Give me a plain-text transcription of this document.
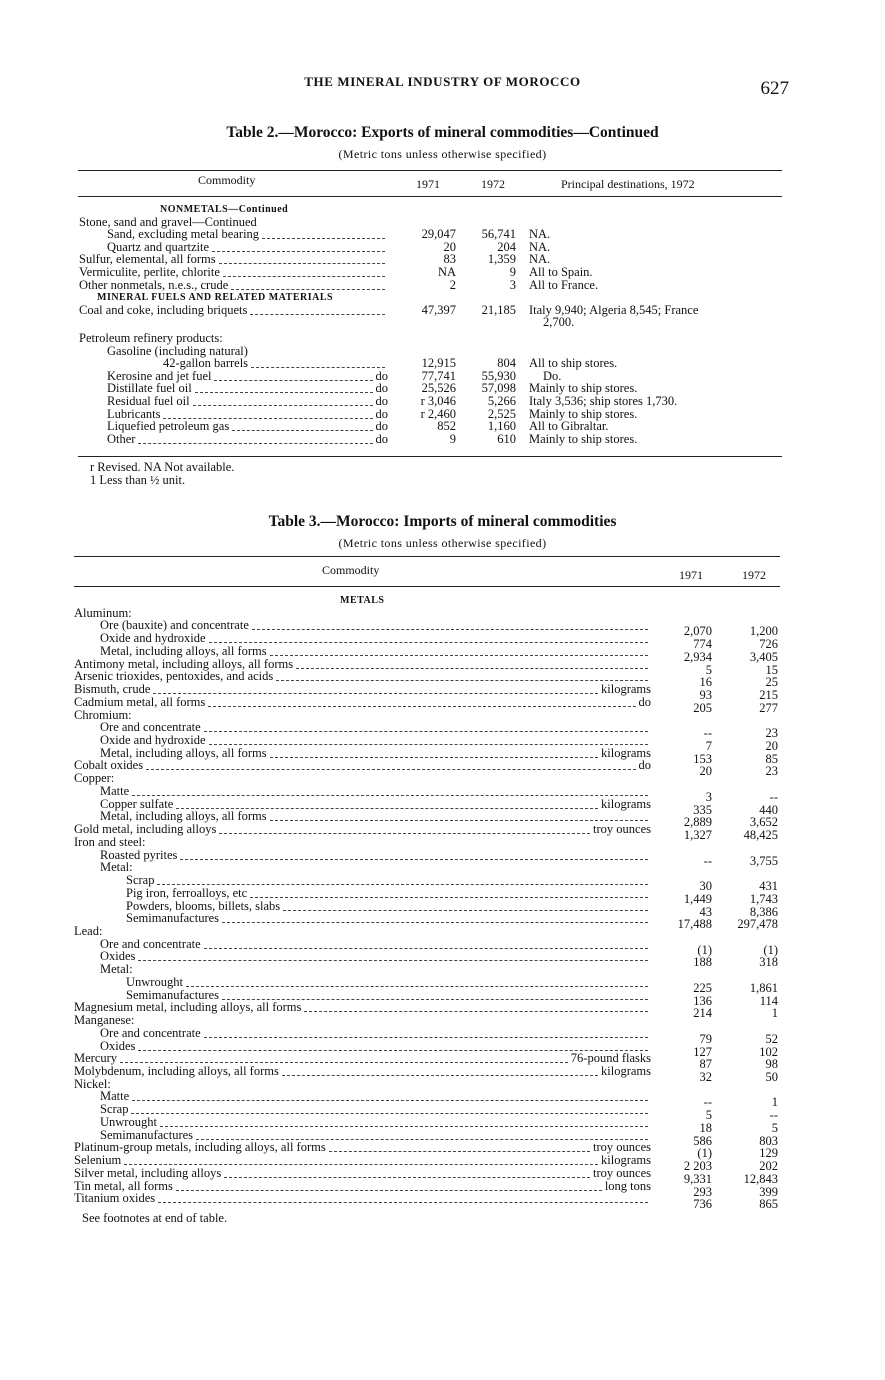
THE MINERAL INDUSTRY OF MOROCCO	627
Table 2.—Morocco: Exports of mineral commodities—Continued
(Metric tons unless otherwise specified)
Commodity	1971	1972	Principal destinations, 1972
NONMETALS—Continued
Stone, sand and gravel—Continued
Sand, excluding metal bearing	29,047 56,741 NA.
Quartz and quartzite	20	204 NA.
Sulfur, elemental, all forms	83	1,359 NA.
Vermiculite, perlite, chlorite	NA	9 All to Spain.
Other nonmetals, n.e.s., crude	2	3 All to France.
MINERAL FUELS AND RELATED MATERIALS
Coal and coke, including briquets	47,397 21,185 Italy 9,940; Algeria 8,545; France
2,700.
Petroleum refinery products:
Gasoline (including natural)
42-gallon barrels	12,915	804 All to ship stores.
Kerosine and jet fuel	do	77,741 55,930 Do.
Distillate fuel oil	do	25,526 57,098 Mainly to ship stores.
Residual fuel oil	do	r 3,046	5,266 Italy 3,536; ship stores 1,730.
Lubricants	do	r 2,460	2,525 Mainly to ship stores.
Liquefied petroleum gas	do	852	1,160 All to Gibraltar.
Other	do	9	610 Mainly to ship stores.
r Revised. NA Not available.
1 Less than ½ unit.
Table 3.—Morocco: Imports of mineral commodities
(Metric tons unless otherwise specified)
Commodity	1971	1972
METALS
Aluminum:
Ore (bauxite) and concentrate	2,070	1,200
Oxide and hydroxide	774	726
Metal, including alloys, all forms	2,934	3,405
Antimony metal, including alloys, all forms	5	15
Arsenic trioxides, pentoxides, and acids	16	25
Bismuth, crude	kilograms	93	215
Cadmium metal, all forms	do	205	277
Chromium:
Ore and concentrate	--	23
Oxide and hydroxide	7	20
Metal, including alloys, all forms	kilograms	153	85
Cobalt oxides	do	20	23
Copper:
Matte	3	--
Copper sulfate	kilograms	335	440
Metal, including alloys, all forms	2,889	3,652
Gold metal, including alloys	troy ounces	1,327	48,425
Iron and steel:
Roasted pyrites	--	3,755
Metal:
Scrap	30	431
Pig iron, ferroalloys, etc	1,449	1,743
Powders, blooms, billets, slabs	43	8,386
Semimanufactures	17,488 297,478
Lead:
Ore and concentrate	(1)	(1)
Oxides	188	318
Metal:
Unwrought	225	1,861
Semimanufactures	136	114
Magnesium metal, including alloys, all forms	214	1
Manganese:
Ore and concentrate	79	52
Oxides	127	102
Mercury	76-pound flasks	87	98
Molybdenum, including alloys, all forms	kilograms	32	50
Nickel:
Matte	--	1
Scrap	5	--
Unwrought	18	5
Semimanufactures	586	803
Platinum-group metals, including alloys, all forms	troy ounces	(1)	129
Selenium	kilograms	2 203	202
Silver metal, including alloys	troy ounces	9,331	12,843
Tin metal, all forms	long tons	293	399
Titanium oxides	736	865
See footnotes at end of table.
